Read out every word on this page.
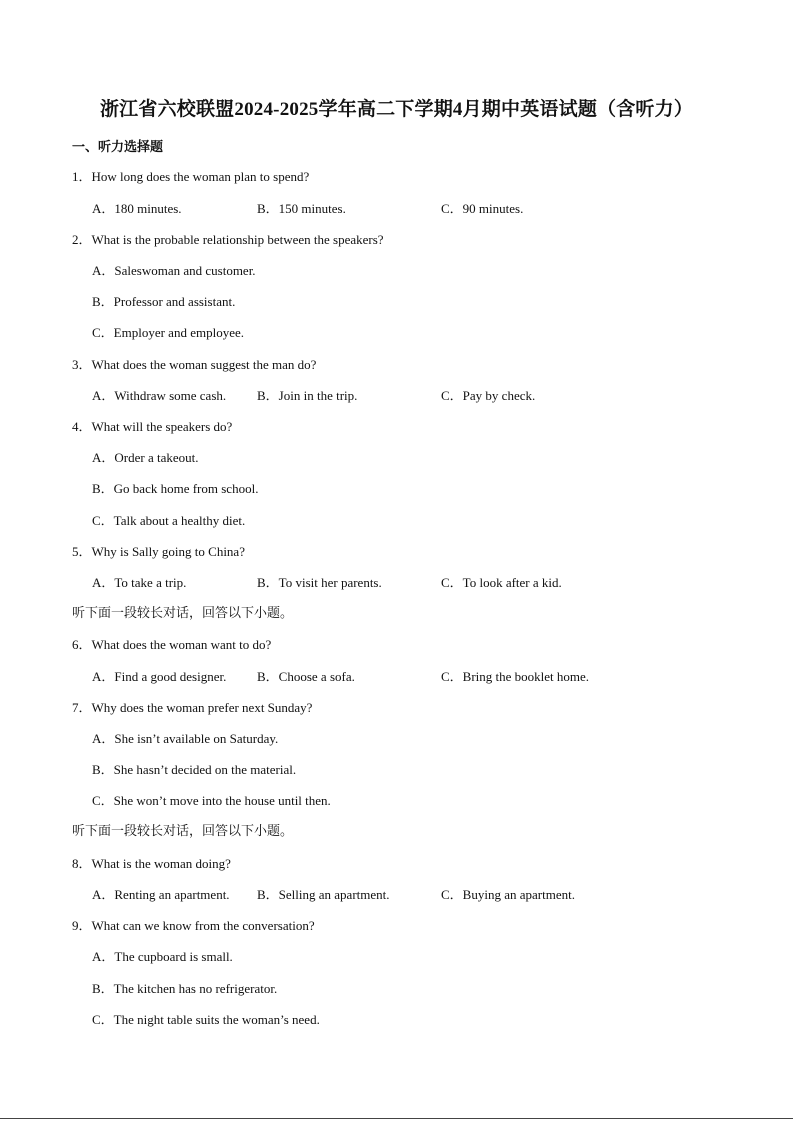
浙江省六校联盟2024-2025学年高二下学期4月期中英语试题（含听力）
一、听力选择题
1．How long does the woman plan to spend?
A．180 minutes.	B．150 minutes.	C．90 minutes.
2．What is the probable relationship between the speakers?
A．Saleswoman and customer.
B．Professor and assistant.
C．Employer and employee.
3．What does the woman suggest the man do?
A．Withdraw some cash. B．Join in the trip.	C．Pay by check.
4．What will the speakers do?
A．Order a takeout.
B．Go back home from school.
C．Talk about a healthy diet.
5．Why is Sally going to China?
A．To take a trip.	B．To visit her parents.	C．To look after a kid.
听下面一段较长对话，回答以下小题。
6．What does the woman want to do?
A．Find a good designer. B．Choose a sofa.	C．Bring the booklet home.
7．Why does the woman prefer next Sunday?
A．She isn’t available on Saturday.
B．She hasn’t decided on the material.
C．She won’t move into the house until then.
听下面一段较长对话，回答以下小题。
8．What is the woman doing?
A．Renting an apartment. B．Selling an apartment.	C．Buying an apartment.
9．What can we know from the conversation?
A．The cupboard is small.
B．The kitchen has no refrigerator.
C．The night table suits the woman’s need.
